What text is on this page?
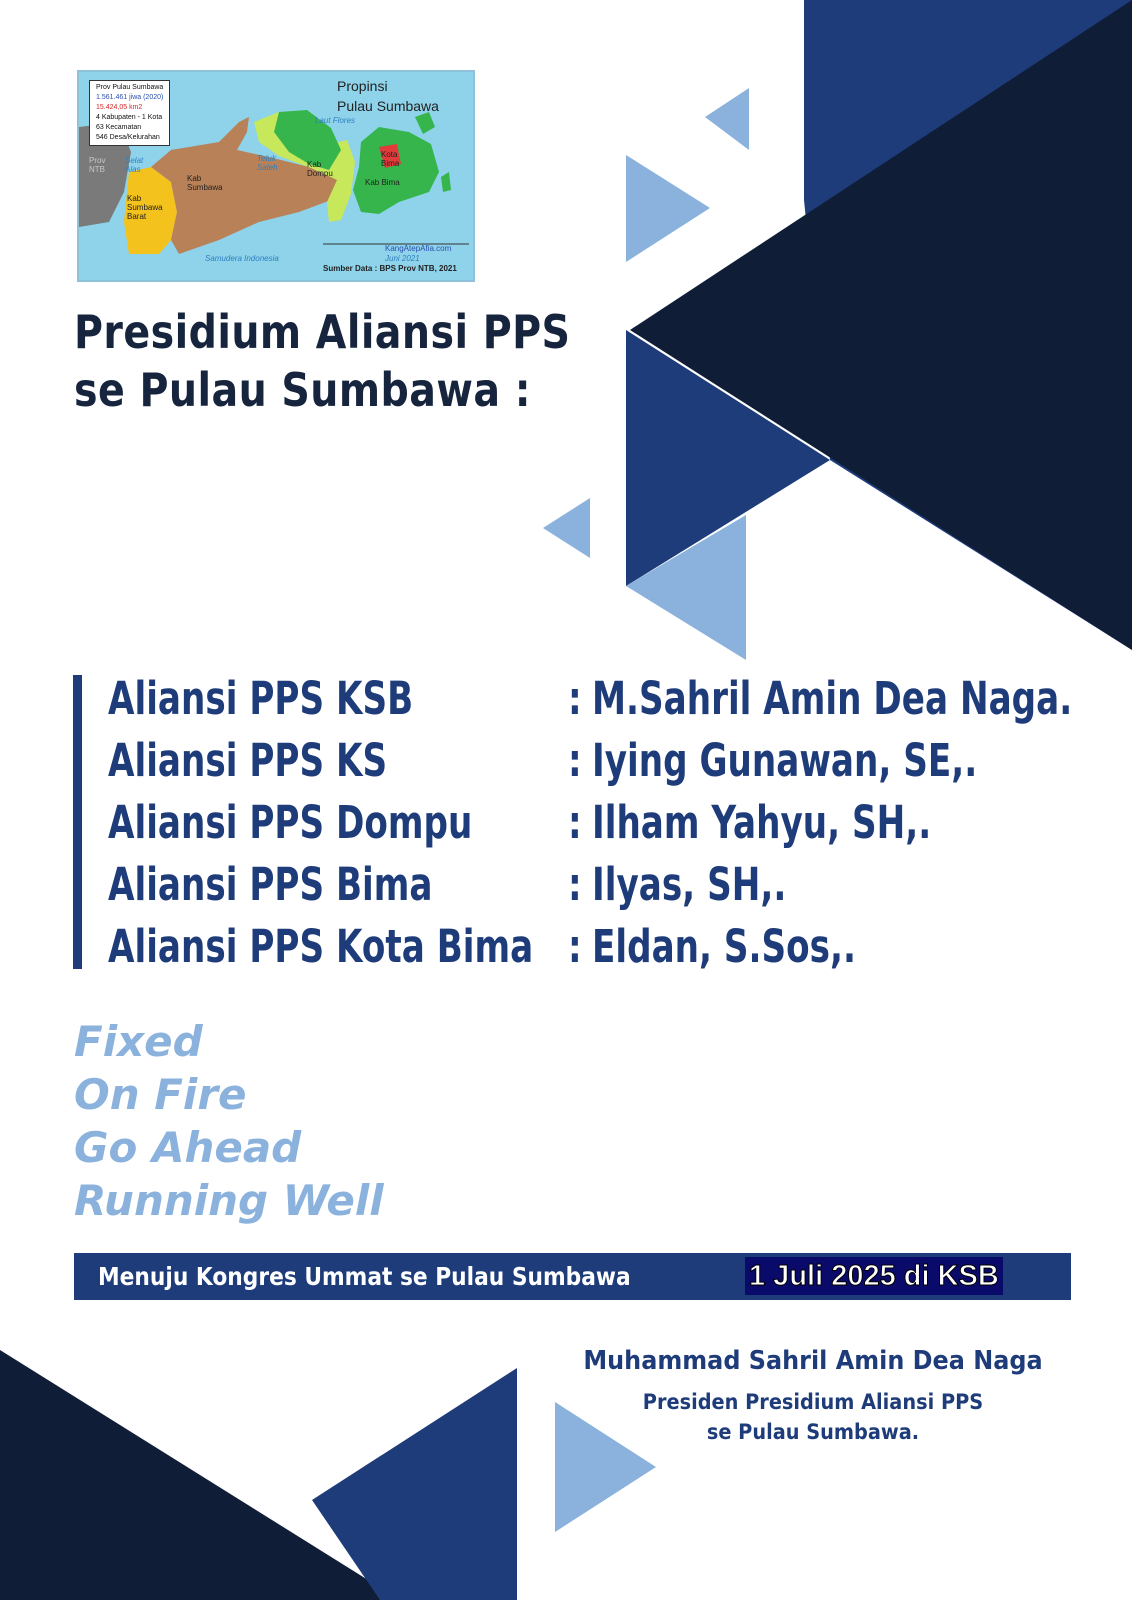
Propinsi
Pulau Sumbawa
Prov Pulau Sumbawa
1.561.461 jiwa (2020)
15.424,05 km2
4 Kabupaten - 1 Kota
63 Kecamatan
546 Desa/Kelurahan
Prov NTB
Selat Alas
Kab Sumbawa Barat
Kab Sumbawa
Teluk Saleh	Kab Dompu
Kab Bima
Kota Bima
Laut Flores
Samudera Indonesia
KangAtepAfia.com
Juni 2021
Sumber Data : BPS Prov NTB, 2021
Presidium Aliansi PPS
se Pulau Sumbawa :
Aliansi PPS KSB	: M.Sahril Amin Dea Naga.
Aliansi PPS KS	: Iying Gunawan, SE,.
Aliansi PPS Dompu : Ilham Yahyu, SH,.
Aliansi PPS Bima	: Ilyas, SH,.
Aliansi PPS Kota Bima : Eldan, S.Sos,.
Fixed
On Fire
Go Ahead
Running Well
Menuju Kongres Ummat se Pulau Sumbawa	1 Juli 2025 di KSB
Muhammad Sahril Amin Dea Naga
Presiden Presidium Aliansi PPS
se Pulau Sumbawa.
